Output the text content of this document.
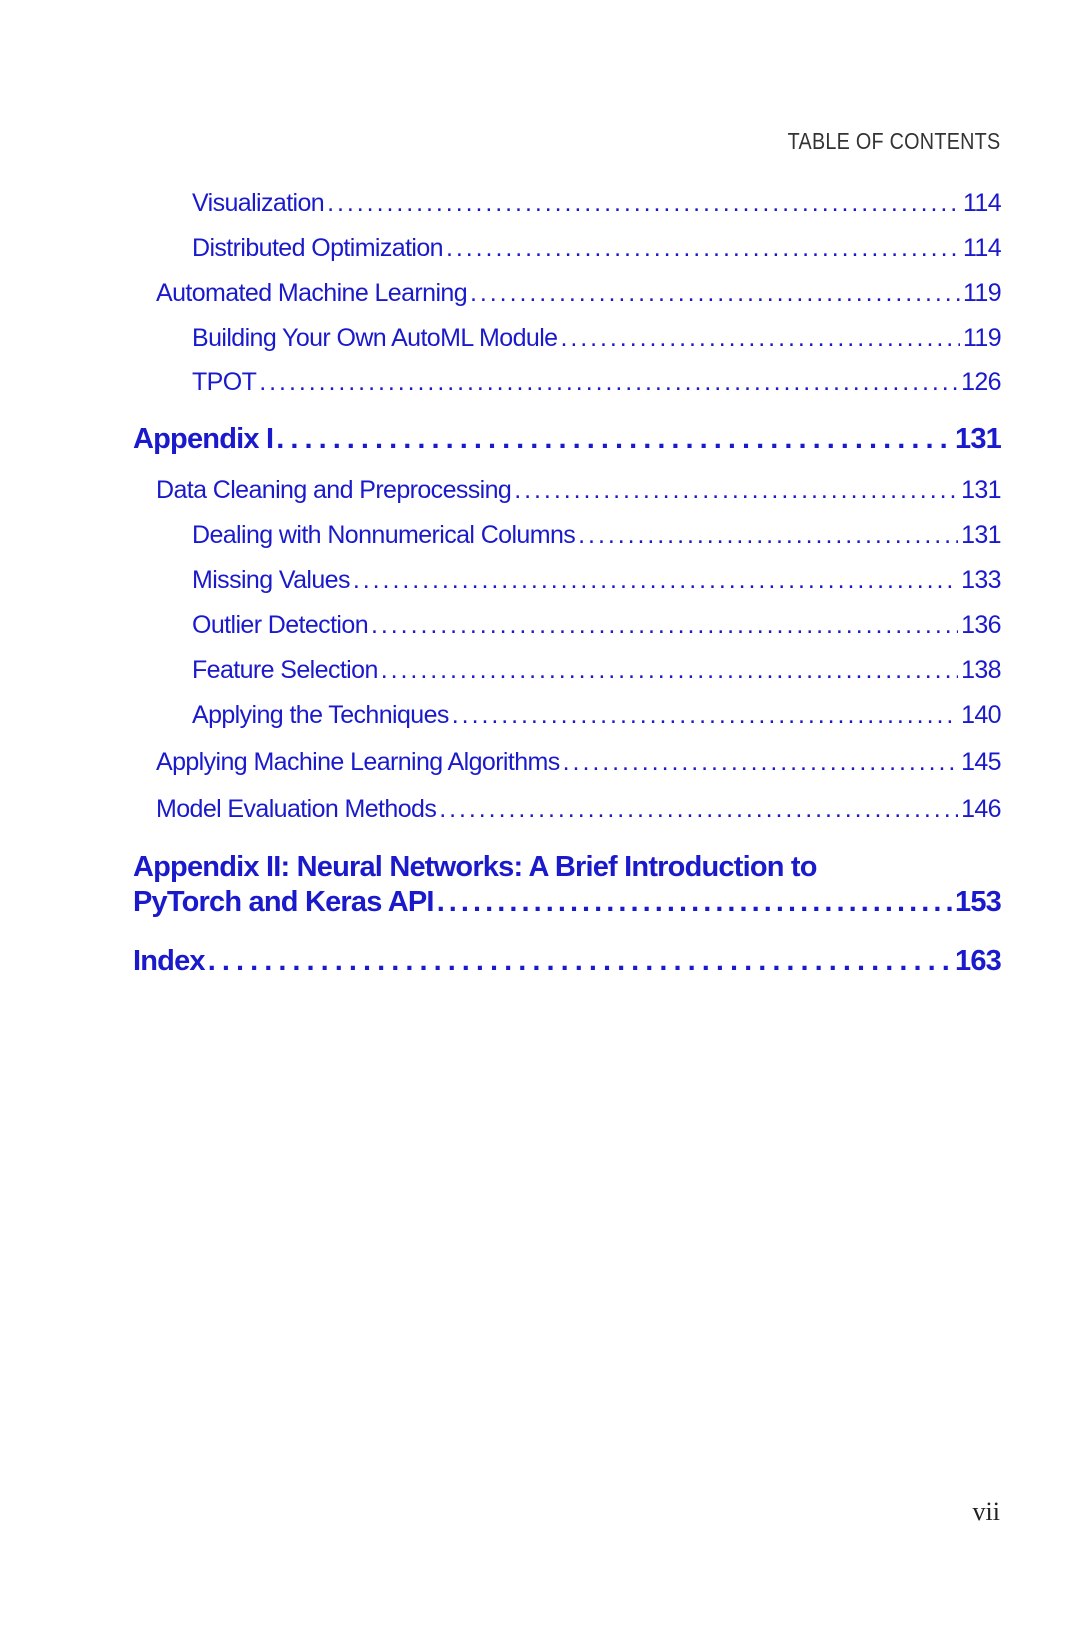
TABLE OF CONTENTS
Visualization . . .	114
Distributed Optimization . . .	114
Automated Machine Learning . . .	119
Building Your Own AutoML Module . . .	119
TPOT . . .	126
Appendix I . . .	131
Data Cleaning and Preprocessing . . .	131
Dealing with Nonnumerical Columns . . .	131
Missing Values . . .	133
Outlier Detection . . .	136
Feature Selection . . .	138
Applying the Techniques . . .	140
Applying Machine Learning Algorithms . . .	145
Model Evaluation Methods . . .	146
Appendix II: Neural Networks: A Brief Introduction to
PyTorch and Keras API . . .	153
Index . . .	163
vii
